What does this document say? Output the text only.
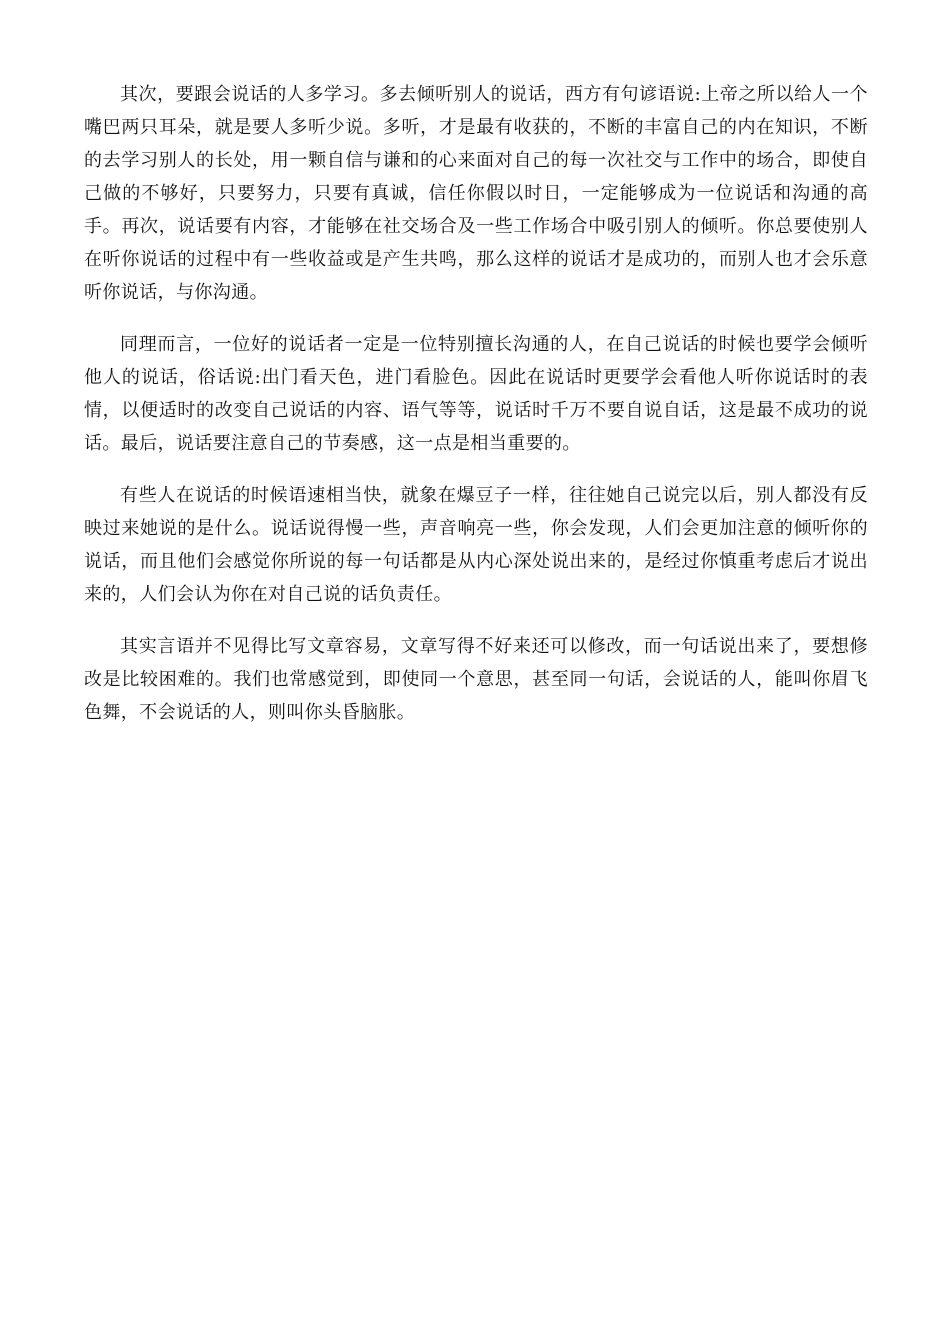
其次，要跟会说话的人多学习。多去倾听别人的说话，西方有句谚语说:上帝之所以给人一个嘴巴两只耳朵，就是要人多听少说。多听，才是最有收获的，不断的丰富自己的内在知识，不断的去学习别人的长处，用一颗自信与谦和的心来面对自己的每一次社交与工作中的场合，即使自己做的不够好，只要努力，只要有真诚，信任你假以时日，一定能够成为一位说话和沟通的高手。再次，说话要有内容，才能够在社交场合及一些工作场合中吸引别人的倾听。你总要使别人在听你说话的过程中有一些收益或是产生共鸣，那么这样的说话才是成功的，而别人也才会乐意听你说话，与你沟通。

同理而言，一位好的说话者一定是一位特别擅长沟通的人，在自己说话的时候也要学会倾听他人的说话，俗话说:出门看天色，进门看脸色。因此在说话时更要学会看他人听你说话时的表情，以便适时的改变自己说话的内容、语气等等，说话时千万不要自说自话，这是最不成功的说话。最后，说话要注意自己的节奏感，这一点是相当重要的。

有些人在说话的时候语速相当快，就象在爆豆子一样，往往她自己说完以后，别人都没有反映过来她说的是什么。说话说得慢一些，声音响亮一些，你会发现，人们会更加注意的倾听你的说话，而且他们会感觉你所说的每一句话都是从内心深处说出来的，是经过你慎重考虑后才说出来的，人们会认为你在对自己说的话负责任。

其实言语并不见得比写文章容易，文章写得不好来还可以修改，而一句话说出来了，要想修改是比较困难的。我们也常感觉到，即使同一个意思，甚至同一句话，会说话的人，能叫你眉飞色舞，不会说话的人，则叫你头昏脑胀。
